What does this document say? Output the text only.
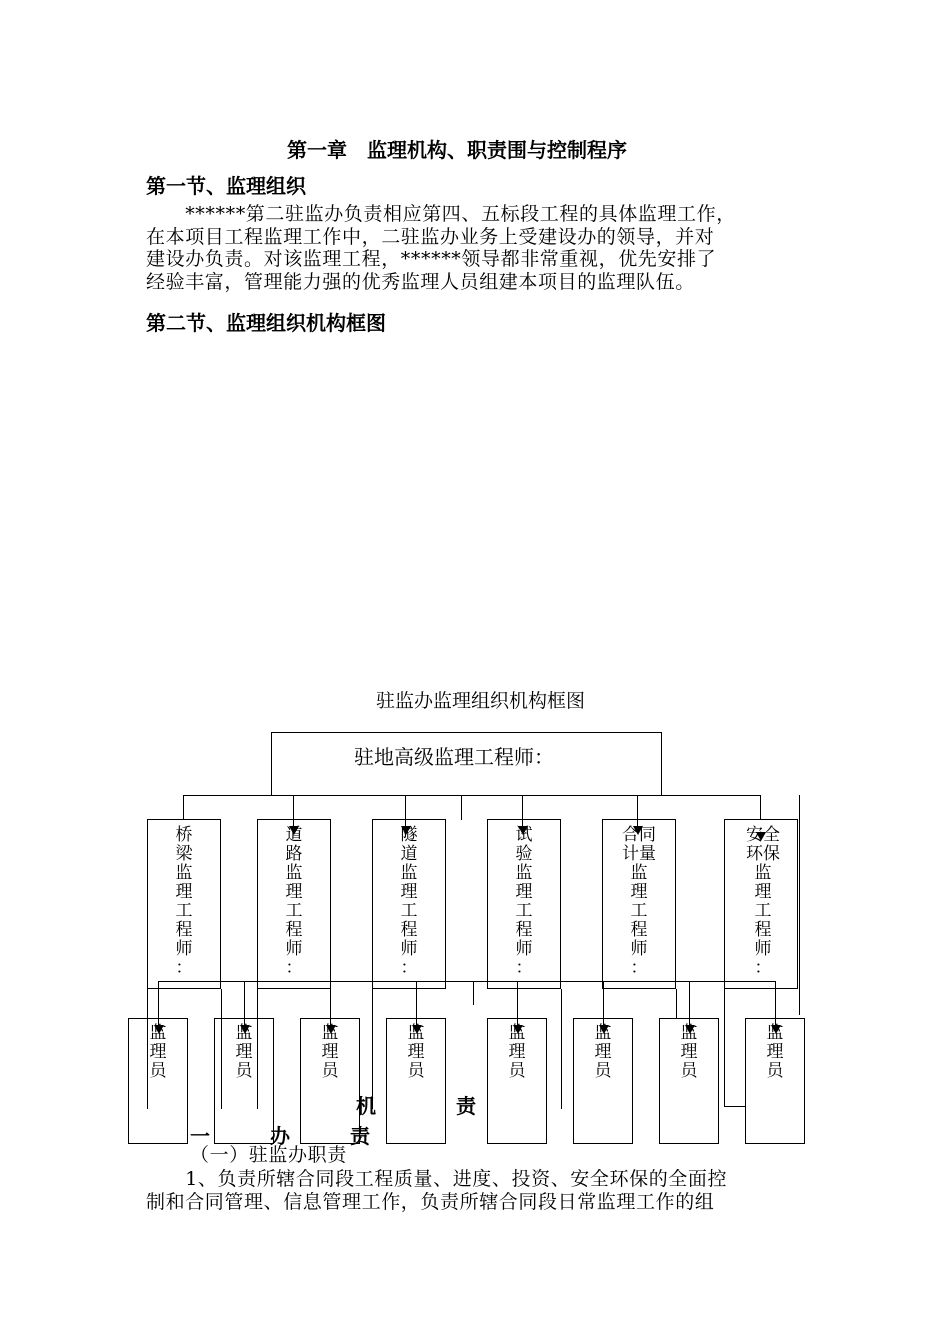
第一章　监理机构、职责围与控制程序
第一节、监理组织
　　******第二驻监办负责相应第四、五标段工程的具体监理工作，
在本项目工程监理工作中，二驻监办业务上受建设办的领导，并对
建设办负责。对该监理工程，******领导都非常重视，优先安排了
经验丰富，管理能力强的优秀监理人员组建本项目的监理队伍。
第二节、监理组织机构框图
驻监办监理组织机构框图
驻地高级监理工程师：
桥
梁
监
理
工
程
师
：
道
路
监
理
工
程
师
：
隧
道
监
理
工
程
师
：
试
验
监
理
工
程
师
：
合同
计量
监
理
工
程
师
：
安全
环保
监
理
工
程
师
：
机　　　　责
一　　　办　　　责
监
理
员
监
理
员
监
理
员
监
理
员
监
理
员
监
理
员
监
理
员
监
理
员
（一）驻监办职责
　　1、负责所辖合同段工程质量、进度、投资、安全环保的全面控
制和合同管理、信息管理工作，负责所辖合同段日常监理工作的组
